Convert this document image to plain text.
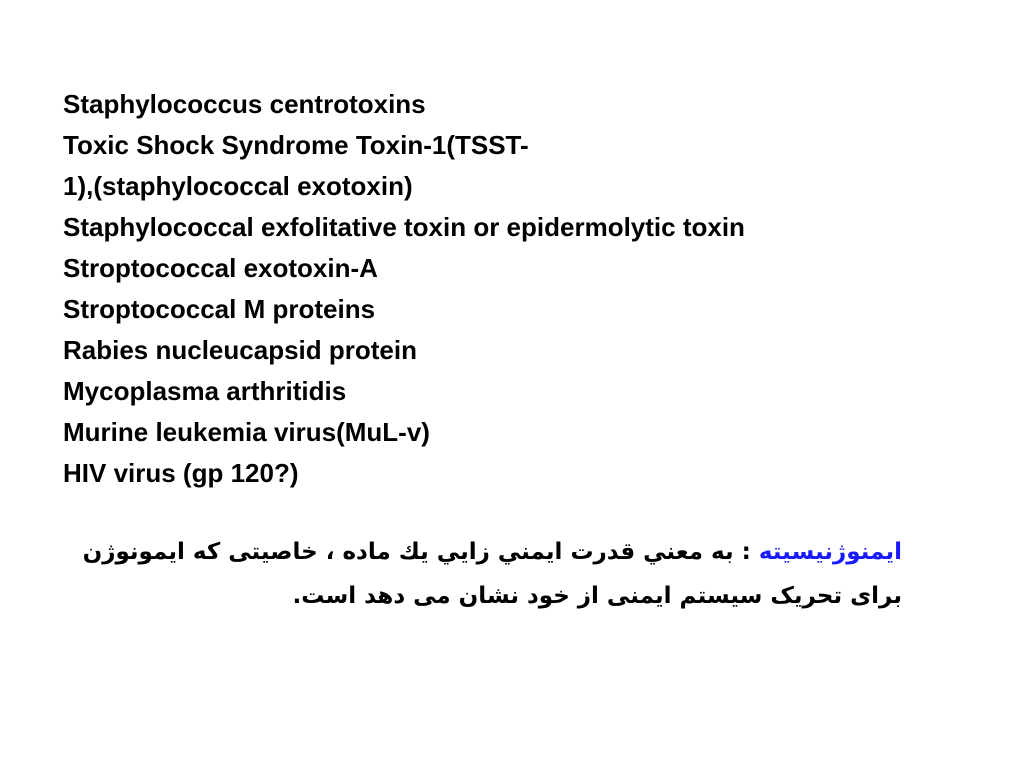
Staphylococcus centrotoxins
Toxic Shock Syndrome Toxin-1(TSST-
1),(staphylococcal exotoxin)
Staphylococcal exfolitative toxin or epidermolytic toxin
Stroptococcal exotoxin-A
Stroptococcal M proteins
Rabies nucleucapsid protein
Mycoplasma arthritidis
Murine leukemia virus(MuL-v)
HIV virus (gp 120?)

ايمنوژنيسيته : به معني قدرت ايمني زايي يك ماده ، خاصيتی كه ايمونوژن

برای تحريک سيستم ايمنی از خود نشان می دهد است.
